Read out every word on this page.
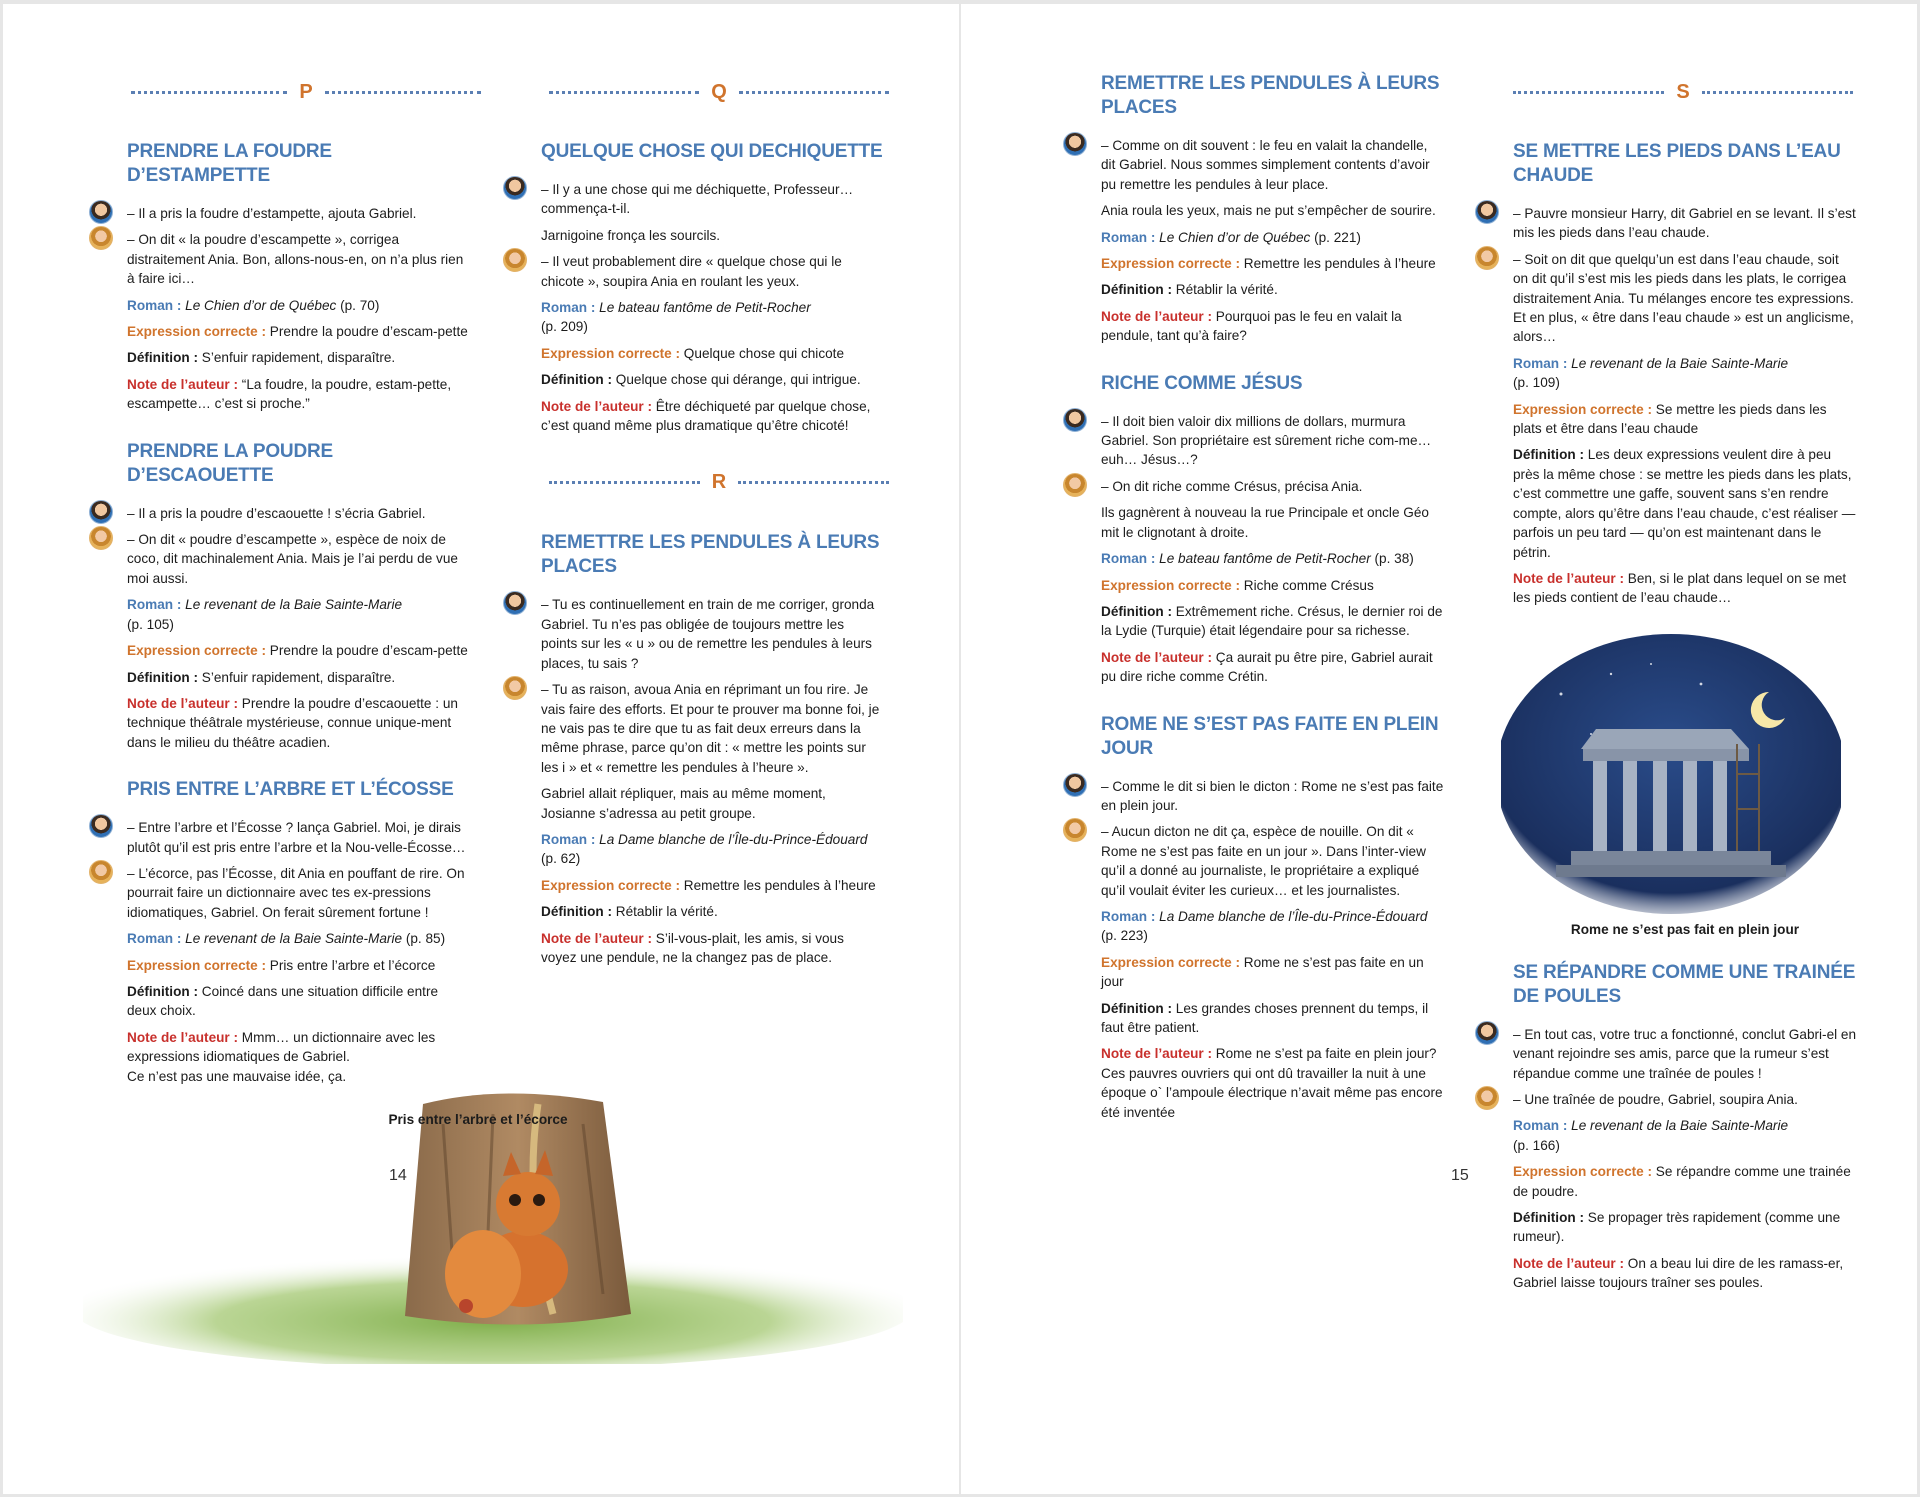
P
PRENDRE LA FOUDRE D’ESTAMPETTE
– Il a pris la foudre d’estampette, ajouta Gabriel.
– On dit « la poudre d’escampette », corrigea distraitement Ania. Bon, allons-nous-en, on n’a plus rien à faire ici…
Roman : Le Chien d’or de Québec (p. 70)
Expression correcte : Prendre la poudre d’escam-pette
Définition : S’enfuir rapidement, disparaître.
Note de l’auteur : “La foudre, la poudre, estam-pette, escampette… c’est si proche.”
PRENDRE LA POUDRE D’ESCAOUETTE
– Il a pris la poudre d’escaouette ! s’écria Gabriel.
– On dit « poudre d’escampette », espèce de noix de coco, dit machinalement Ania. Mais je l’ai perdu de vue moi aussi.
Roman : Le revenant de la Baie Sainte-Marie
(p. 105)
Expression correcte : Prendre la poudre d’escam-pette
Définition : S’enfuir rapidement, disparaître.
Note de l’auteur : Prendre la poudre d’escaouette : un technique théâtrale mystérieuse, connue unique-ment dans le milieu du théâtre acadien.
PRIS ENTRE L’ARBRE ET L’ÉCOSSE
– Entre l’arbre et l’Écosse ? lança Gabriel. Moi, je dirais plutôt qu’il est pris entre l’arbre et la Nou-velle-Écosse…
– L’écorce, pas l’Écosse, dit Ania en pouffant de rire. On pourrait faire un dictionnaire avec tes ex-pressions idiomatiques, Gabriel. On ferait sûrement fortune !
Roman : Le revenant de la Baie Sainte-Marie (p. 85)
Expression correcte : Pris entre l’arbre et l’écorce
Définition : Coincé dans une situation difficile entre deux choix.
Note de l’auteur : Mmm… un dictionnaire avec les expressions idiomatiques de Gabriel.
Ce n’est pas une mauvaise idée, ça.
Q
QUELQUE CHOSE QUI DECHIQUETTE
– Il y a une chose qui me déchiquette, Professeur… commença-t-il.
Jarnigoine fronça les sourcils.
– Il veut probablement dire « quelque chose qui le chicote », soupira Ania en roulant les yeux.
Roman : Le bateau fantôme de Petit-Rocher
(p. 209)
Expression correcte : Quelque chose qui chicote
Définition : Quelque chose qui dérange, qui intrigue.
Note de l’auteur : Être déchiqueté par quelque chose, c’est quand même plus dramatique qu’être chicoté!
R
REMETTRE LES PENDULES À LEURS PLACES
– Tu es continuellement en train de me corriger, gronda Gabriel. Tu n’es pas obligée de toujours mettre les points sur les « u » ou de remettre les pendules à leurs places, tu sais ?
– Tu as raison, avoua Ania en réprimant un fou rire. Je vais faire des efforts. Et pour te prouver ma bonne foi, je ne vais pas te dire que tu as fait deux erreurs dans la même phrase, parce qu’on dit : « mettre les points sur les i » et « remettre les pendules à l’heure ».
Gabriel allait répliquer, mais au même moment, Josianne s’adressa au petit groupe.
Roman : La Dame blanche de l’Île-du-Prince-Édouard (p. 62)
Expression correcte : Remettre les pendules à l’heure
Définition : Rétablir la vérité.
Note de l’auteur : S’il-vous-plait, les amis, si vous voyez une pendule, ne la changez pas de place.
Pris entre l’arbre et l’écorce
14
REMETTRE LES PENDULES À LEURS PLACES
– Comme on dit souvent : le feu en valait la chandelle, dit Gabriel. Nous sommes simplement contents d’avoir pu remettre les pendules à leur place.
Ania roula les yeux, mais ne put s’empêcher de sourire.
Roman : Le Chien d’or de Québec (p. 221)
Expression correcte : Remettre les pendules à l’heure
Définition : Rétablir la vérité.
Note de l’auteur : Pourquoi pas le feu en valait la pendule, tant qu’à faire?
RICHE COMME JÉSUS
– Il doit bien valoir dix millions de dollars, murmura Gabriel. Son propriétaire est sûrement riche com-me… euh… Jésus…?
– On dit riche comme Crésus, précisa Ania.
Ils gagnèrent à nouveau la rue Principale et oncle Géo mit le clignotant à droite.
Roman : Le bateau fantôme de Petit-Rocher (p. 38)
Expression correcte : Riche comme Crésus
Définition : Extrêmement riche. Crésus, le dernier roi de la Lydie (Turquie) était légendaire pour sa richesse.
Note de l’auteur : Ça aurait pu être pire, Gabriel aurait pu dire riche comme Crétin.
ROME NE S’EST PAS FAITE EN PLEIN JOUR
– Comme le dit si bien le dicton : Rome ne s’est pas faite en plein jour.
– Aucun dicton ne dit ça, espèce de nouille. On dit « Rome ne s’est pas faite en un jour ». Dans l’inter-view qu’il a donné au journaliste, le propriétaire a expliqué qu’il voulait éviter les curieux… et les journalistes.
Roman : La Dame blanche de l’Île-du-Prince-Édouard (p. 223)
Expression correcte : Rome ne s’est pas faite en un jour
Définition : Les grandes choses prennent du temps, il faut être patient.
Note de l’auteur : Rome ne s’est pa faite en plein jour? Ces pauvres ouvriers qui ont dû travailler la nuit à une époque o` l’ampoule électrique n’avait même pas encore été inventée
S
SE METTRE LES PIEDS DANS L’EAU CHAUDE
– Pauvre monsieur Harry, dit Gabriel en se levant. Il s’est mis les pieds dans l’eau chaude.
– Soit on dit que quelqu’un est dans l’eau chaude, soit on dit qu’il s’est mis les pieds dans les plats, le corrigea distraitement Ania. Tu mélanges encore tes expressions. Et en plus, « être dans l’eau chaude » est un anglicisme, alors…
Roman : Le revenant de la Baie Sainte-Marie
(p. 109)
Expression correcte : Se mettre les pieds dans les plats et être dans l’eau chaude
Définition : Les deux expressions veulent dire à peu près la même chose : se mettre les pieds dans les plats, c’est commettre une gaffe, souvent sans s’en rendre compte, alors qu’être dans l’eau chaude, c’est réaliser — parfois un peu tard — qu’on est maintenant dans le pétrin.
Note de l’auteur : Ben, si le plat dans lequel on se met les pieds contient de l’eau chaude…
Rome ne s’est pas fait en plein jour
SE RÉPANDRE COMME UNE TRAINÉE DE POULES
– En tout cas, votre truc a fonctionné, conclut Gabri-el en venant rejoindre ses amis, parce que la rumeur s’est répandue comme une traînée de poules !
– Une traînée de poudre, Gabriel, soupira Ania.
Roman : Le revenant de la Baie Sainte-Marie
(p. 166)
Expression correcte : Se répandre comme une trainée de poudre.
Définition : Se propager très rapidement (comme une rumeur).
Note de l’auteur : On a beau lui dire de les ramass-er, Gabriel laisse toujours traîner ses poules.
15
